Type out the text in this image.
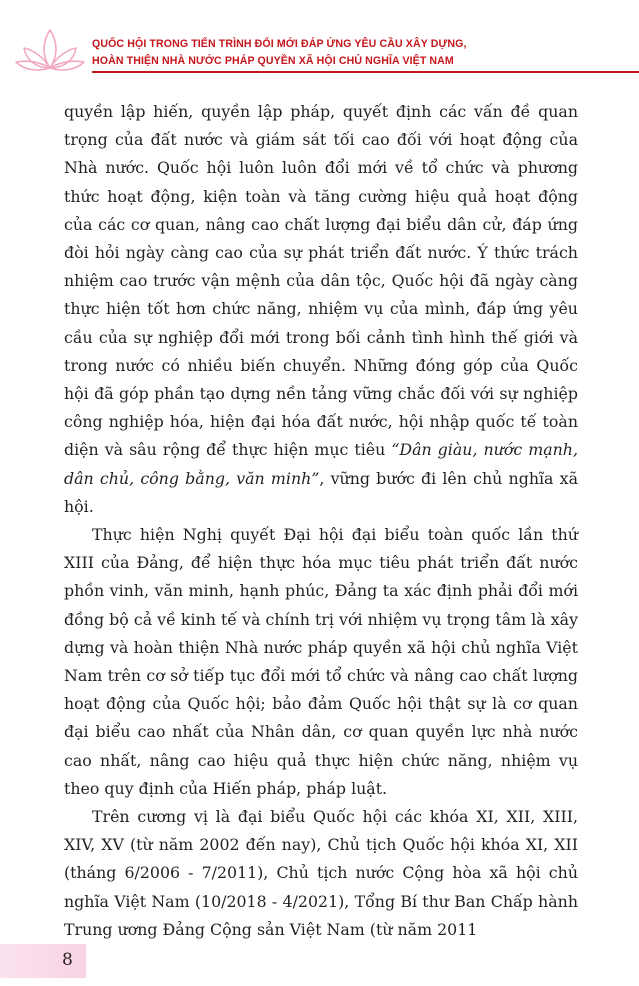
QUỐC HỘI TRONG TIẾN TRÌNH ĐỔI MỚI ĐÁP ỨNG YÊU CẦU XÂY DỰNG,
HOÀN THIỆN NHÀ NƯỚC PHÁP QUYỀN XÃ HỘI CHỦ NGHĨA VIỆT NAM

quyền lập hiến, quyền lập pháp, quyết định các vấn đề quan trọng của đất nước và giám sát tối cao đối với hoạt động của Nhà nước. Quốc hội luôn luôn đổi mới về tổ chức và phương thức hoạt động, kiện toàn và tăng cường hiệu quả hoạt động của các cơ quan, nâng cao chất lượng đại biểu dân cử, đáp ứng đòi hỏi ngày càng cao của sự phát triển đất nước. Ý thức trách nhiệm cao trước vận mệnh của dân tộc, Quốc hội đã ngày càng thực hiện tốt hơn chức năng, nhiệm vụ của mình, đáp ứng yêu cầu của sự nghiệp đổi mới trong bối cảnh tình hình thế giới và trong nước có nhiều biến chuyển. Những đóng góp của Quốc hội đã góp phần tạo dựng nền tảng vững chắc đối với sự nghiệp công nghiệp hóa, hiện đại hóa đất nước, hội nhập quốc tế toàn diện và sâu rộng để thực hiện mục tiêu “Dân giàu, nước mạnh, dân chủ, công bằng, văn minh”, vững bước đi lên chủ nghĩa xã hội.

Thực hiện Nghị quyết Đại hội đại biểu toàn quốc lần thứ XIII của Đảng, để hiện thực hóa mục tiêu phát triển đất nước phồn vinh, văn minh, hạnh phúc, Đảng ta xác định phải đổi mới đồng bộ cả về kinh tế và chính trị với nhiệm vụ trọng tâm là xây dựng và hoàn thiện Nhà nước pháp quyền xã hội chủ nghĩa Việt Nam trên cơ sở tiếp tục đổi mới tổ chức và nâng cao chất lượng hoạt động của Quốc hội; bảo đảm Quốc hội thật sự là cơ quan đại biểu cao nhất của Nhân dân, cơ quan quyền lực nhà nước cao nhất, nâng cao hiệu quả thực hiện chức năng, nhiệm vụ theo quy định của Hiến pháp, pháp luật.

Trên cương vị là đại biểu Quốc hội các khóa XI, XII, XIII, XIV, XV (từ năm 2002 đến nay), Chủ tịch Quốc hội khóa XI, XII (tháng 6/2006 - 7/2011), Chủ tịch nước Cộng hòa xã hội chủ nghĩa Việt Nam (10/2018 - 4/2021), Tổng Bí thư Ban Chấp hành Trung ương Đảng Cộng sản Việt Nam (từ năm 2011

8
